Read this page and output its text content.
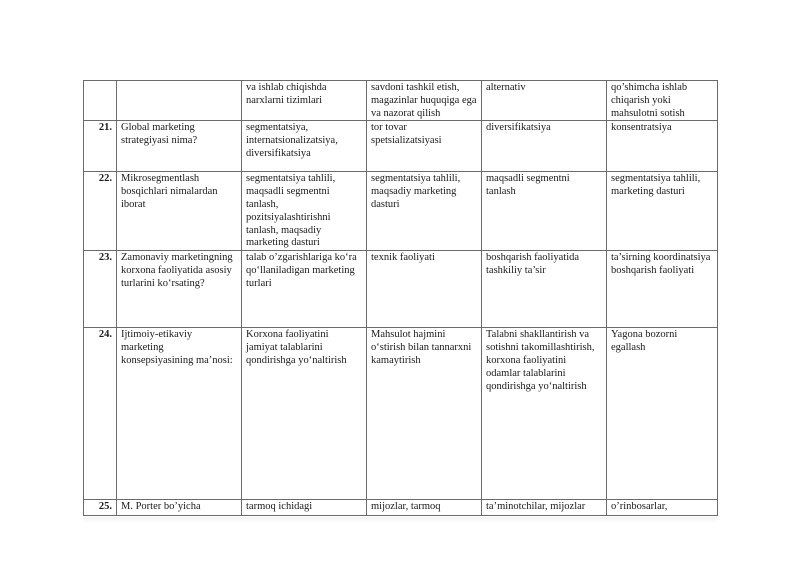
		va ishlab chiqishda narxlarni tizimlari	savdoni tashkil etish, magazinlar huquqiga ega va nazorat qilish	alternativ	qo’shimcha ishlab chiqarish yoki mahsulotni sotish
21.	Global marketing strategiyasi nima?	segmentatsiya, internatsionalizatsiya, diversifikatsiya	tor tovar spetsializatsiyasi	diversifikatsiya	konsentratsiya
22.	Mikrosegmentlash bosqichlari nimalardan iborat	segmentatsiya tahlili, maqsadli segmentni tanlash, pozitsiyalashtirishni tanlash, maqsadiy marketing dasturi	segmentatsiya tahlili, maqsadiy marketing dasturi	maqsadli segmentni tanlash	segmentatsiya tahlili, marketing dasturi
23.	Zamonaviy marketingning korxona faoliyatida asosiy turlarini ko‘rsating?	talab o’zgarishlariga ko‘ra qo‘llaniladigan marketing turlari	texnik faoliyati	boshqarish faoliyatida tashkiliy ta’sir	ta’sirning koordinatsiya boshqarish faoliyati
24.	Ijtimoiy-etikaviy marketing konsepsiyasining ma’nosi:	Korxona faoliyatini jamiyat talablarini qondirishga yo‘naltirish	Mahsulot hajmini o‘stirish bilan tannarxni kamaytirish	Talabni shakllantirish va sotishni takomillashtirish, korxona faoliyatini odamlar talablarini qondirishga yo‘naltirish	Yagona bozorni egallash
25.	M. Porter bo’yicha	tarmoq ichidagi	mijozlar, tarmoq	ta’minotchilar, mijozlar	o’rinbosarlar,
